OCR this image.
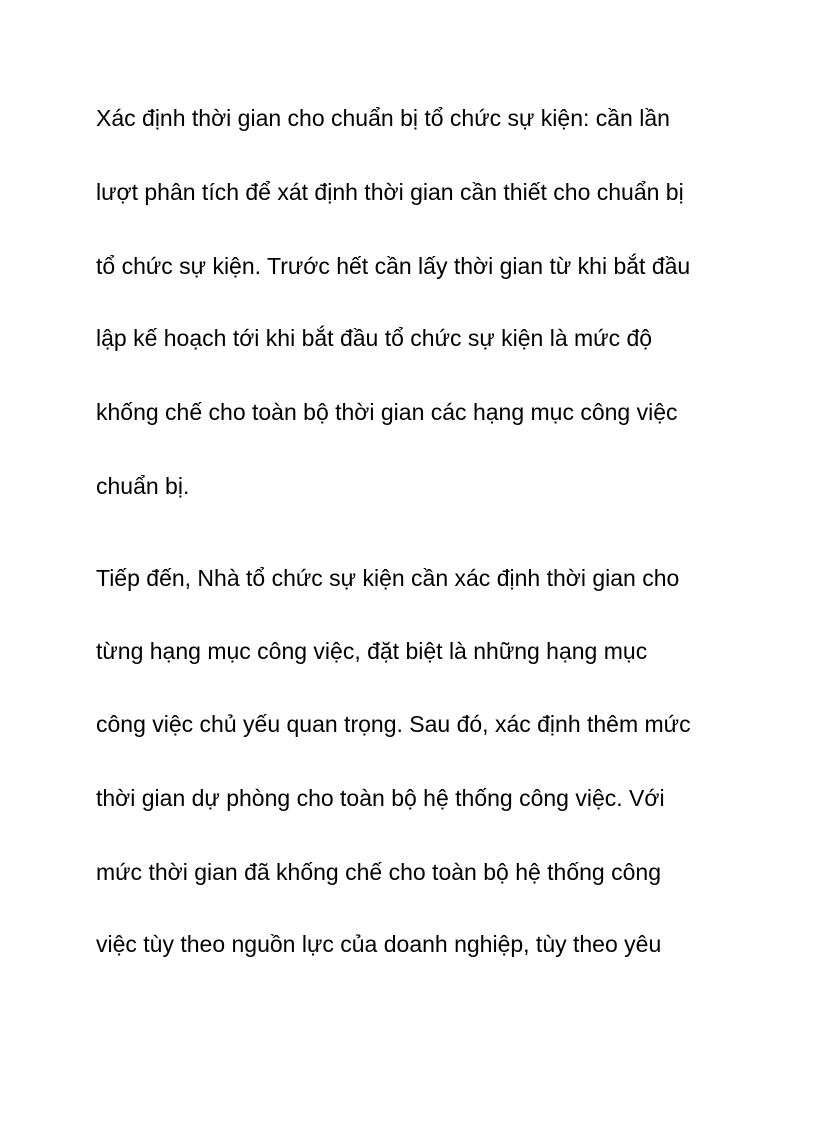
Xác định thời gian cho chuẩn bị tổ chức sự kiện: cần lần

lượt phân tích để xát định thời gian cần thiết cho chuẩn bị

tổ chức sự kiện. Trước hết cần lấy thời gian từ khi bắt đầu

lập kế hoạch tới khi bắt đầu tổ chức sự kiện là mức độ

khống chế cho toàn bộ thời gian các hạng mục công việc

chuẩn bị.

Tiếp đến, Nhà tổ chức sự kiện cần xác định thời gian cho

từng hạng mục công việc, đặt biệt là những hạng mục

công việc chủ yếu quan trọng. Sau đó, xác định thêm mức

thời gian dự phòng cho toàn bộ hệ thống công việc. Với

mức thời gian đã khống chế cho toàn bộ hệ thống công

việc tùy theo nguồn lực của doanh nghiệp, tùy theo yêu
